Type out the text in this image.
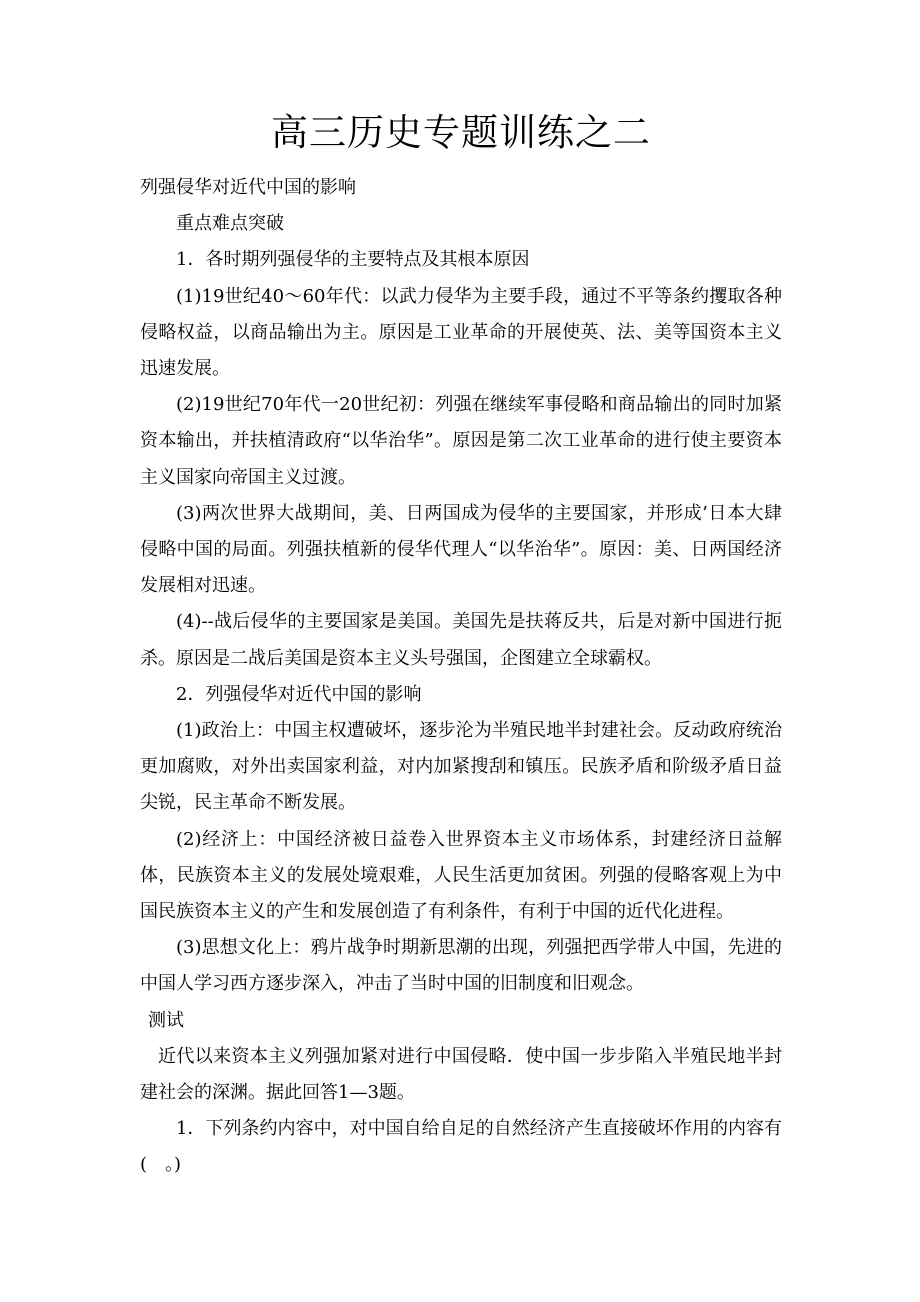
高三历史专题训练之二

列强侵华对近代中国的影响

重点难点突破

1．各时期列强侵华的主要特点及其根本原因

(1)19世纪40～60年代：以武力侵华为主要手段，通过不平等条约攫取各种侵略权益，以商品输出为主。原因是工业革命的开展使英、法、美等国资本主义迅速发展。

(2)19世纪70年代一20世纪初：列强在继续军事侵略和商品输出的同时加紧资本输出，并扶植清政府“以华治华”。原因是第二次工业革命的进行使主要资本主义国家向帝国主义过渡。

(3)两次世界大战期间，美、日两国成为侵华的主要国家，并形成’日本大肆侵略中国的局面。列强扶植新的侵华代理人“以华治华”。原因：美、日两国经济发展相对迅速。

(4)--战后侵华的主要国家是美国。美国先是扶蒋反共，后是对新中国进行扼杀。原因是二战后美国是资本主义头号强国，企图建立全球霸权。

2．列强侵华对近代中国的影响

(1)政治上：中国主权遭破坏，逐步沦为半殖民地半封建社会。反动政府统治更加腐败，对外出卖国家利益，对内加紧搜刮和镇压。民族矛盾和阶级矛盾日益尖锐，民主革命不断发展。

(2)经济上：中国经济被日益卷入世界资本主义市场体系，封建经济日益解体，民族资本主义的发展处境艰难，人民生活更加贫困。列强的侵略客观上为中国民族资本主义的产生和发展创造了有利条件，有利于中国的近代化进程。

(3)思想文化上：鸦片战争时期新思潮的出现，列强把西学带人中国，先进的中国人学习西方逐步深入，冲击了当时中国的旧制度和旧观念。

测试

近代以来资本主义列强加紧对进行中国侵略．使中国一步步陷入半殖民地半封建社会的深渊。据此回答1—3题。

1．下列条约内容中，对中国自给自足的自然经济产生直接破坏作用的内容有(　。)
